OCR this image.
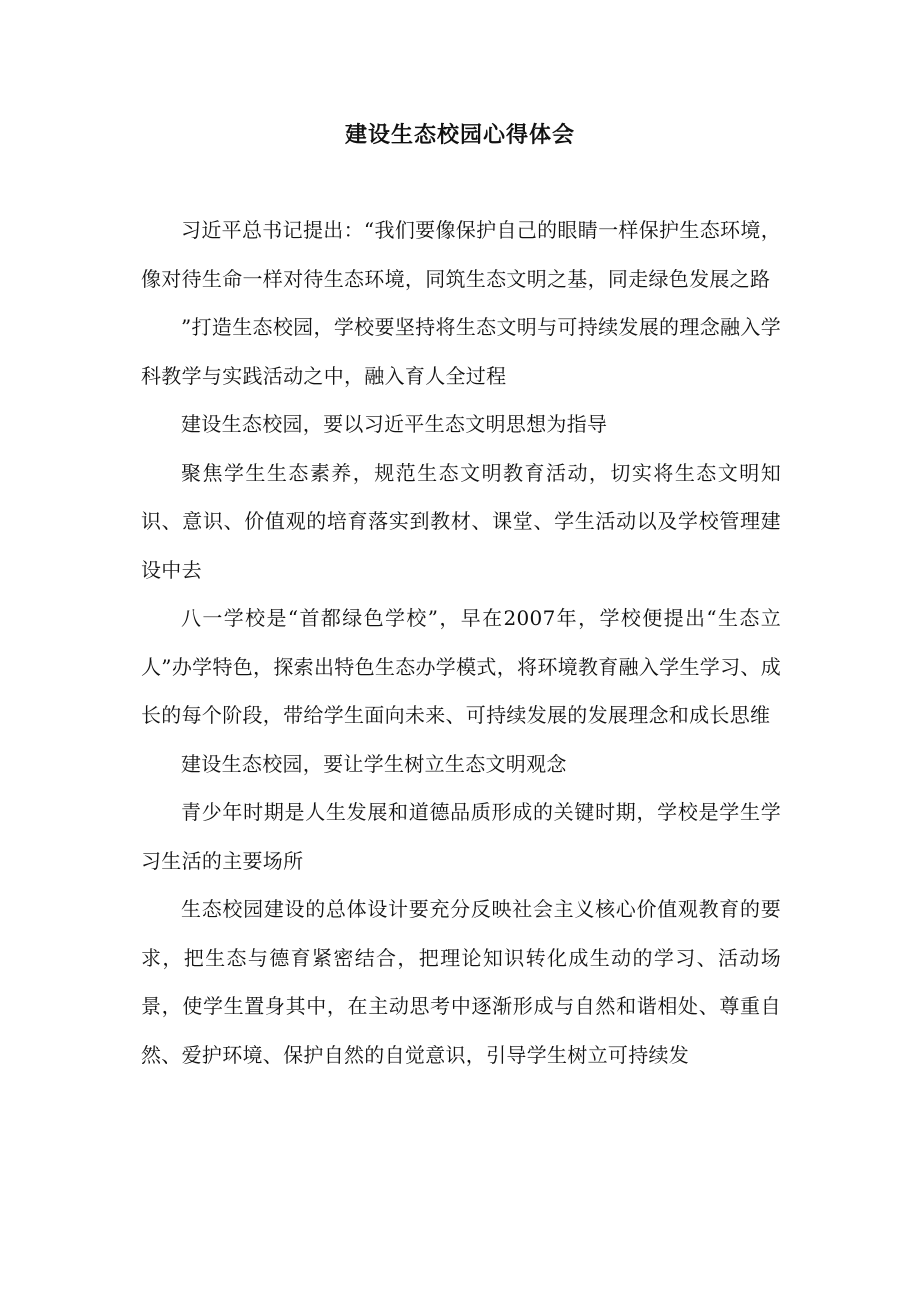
建设生态校园心得体会

习近平总书记提出：“我们要像保护自己的眼睛一样保护生态环境，像对待生命一样对待生态环境，同筑生态文明之基，同走绿色发展之路

”打造生态校园，学校要坚持将生态文明与可持续发展的理念融入学科教学与实践活动之中，融入育人全过程

建设生态校园，要以习近平生态文明思想为指导

聚焦学生生态素养，规范生态文明教育活动，切实将生态文明知识、意识、价值观的培育落实到教材、课堂、学生活动以及学校管理建设中去

八一学校是“首都绿色学校”，早在2007年，学校便提出“生态立人”办学特色，探索出特色生态办学模式，将环境教育融入学生学习、成长的每个阶段，带给学生面向未来、可持续发展的发展理念和成长思维

建设生态校园，要让学生树立生态文明观念

青少年时期是人生发展和道德品质形成的关键时期，学校是学生学习生活的主要场所

生态校园建设的总体设计要充分反映社会主义核心价值观教育的要求，把生态与德育紧密结合，把理论知识转化成生动的学习、活动场景，使学生置身其中，在主动思考中逐渐形成与自然和谐相处、尊重自然、爱护环境、保护自然的自觉意识，引导学生树立可持续发
